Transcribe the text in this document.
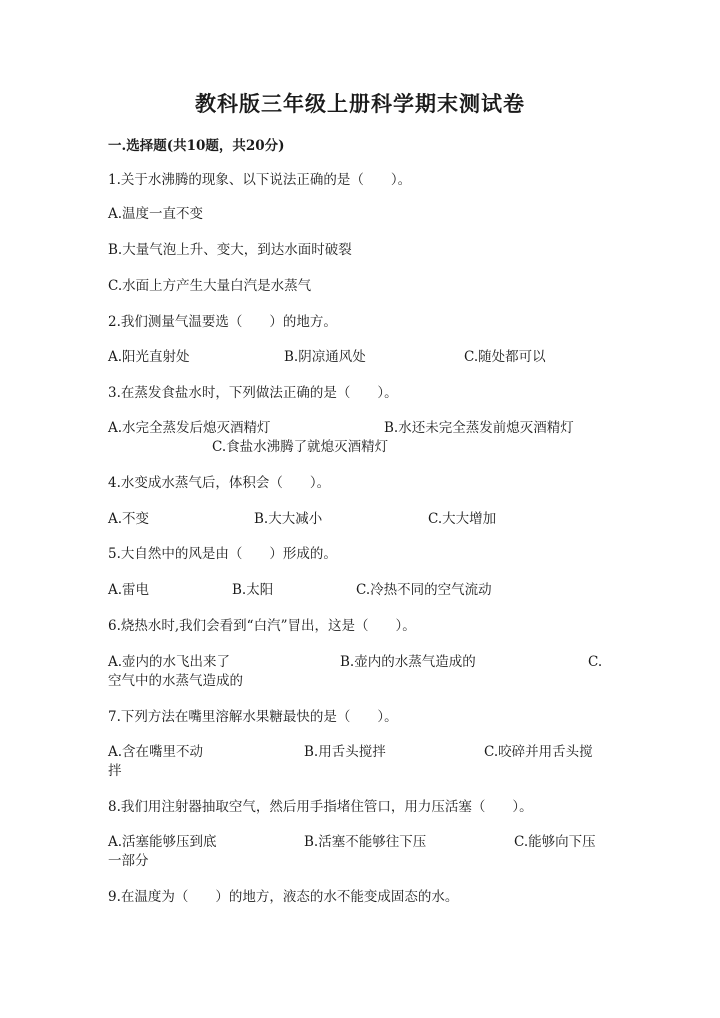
教科版三年级上册科学期末测试卷
一.选择题(共10题，共20分)
1.关于水沸腾的现象、以下说法正确的是（　　）。
A.温度一直不变
B.大量气泡上升、变大，到达水面时破裂
C.水面上方产生大量白汽是水蒸气
2.我们测量气温要选（　　）的地方。
A.阳光直射处	B.阴凉通风处	C.随处都可以
3.在蒸发食盐水时，下列做法正确的是（　　）。
A.水完全蒸发后熄灭酒精灯	B.水还未完全蒸发前熄灭酒精灯
C.食盐水沸腾了就熄灭酒精灯
4.水变成水蒸气后，体积会（　　）。
A.不变	B.大大减小	C.大大增加
5.大自然中的风是由（　　）形成的。
A.雷电	B.太阳	C.冷热不同的空气流动
6.烧热水时,我们会看到“白汽”冒出，这是（　　）。
A.壶内的水飞出来了	B.壶内的水蒸气造成的	C.
空气中的水蒸气造成的
7.下列方法在嘴里溶解水果糖最快的是（　　）。
A.含在嘴里不动	B.用舌头搅拌	C.咬碎并用舌头搅
拌
8.我们用注射器抽取空气，然后用手指堵住管口，用力压活塞（　　）。
A.活塞能够压到底	B.活塞不能够往下压	C.能够向下压
一部分
9.在温度为（　　）的地方，液态的水不能变成固态的水。
